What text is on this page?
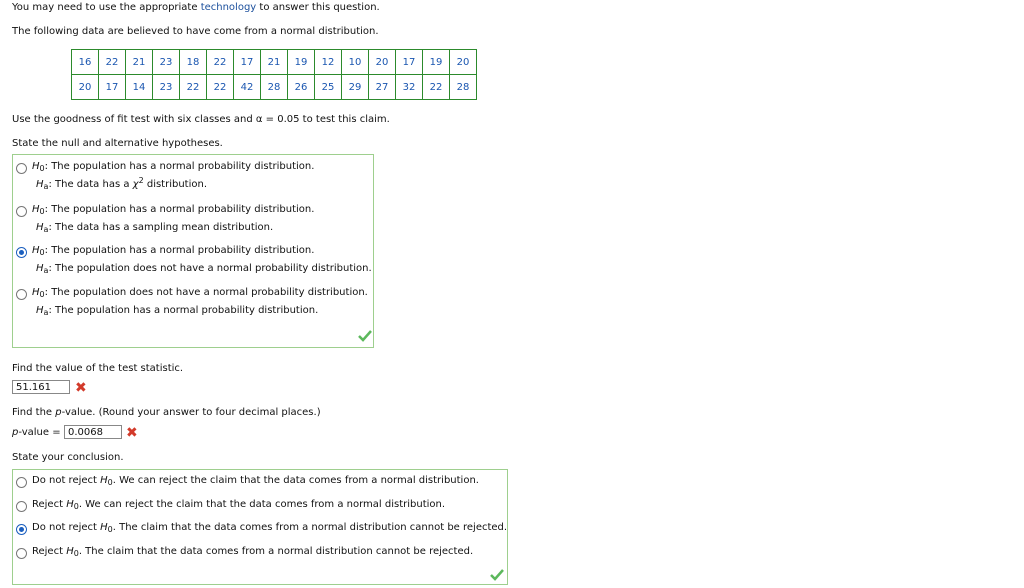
You may need to use the appropriate technology to answer this question.
The following data are believed to have come from a normal distribution.
16	22	21	23	18	22	17	21	19	12	10	20	17	19	20
20	17	14	23	22	22	42	28	26	25	29	27	32	22	28
Use the goodness of fit test with six classes and α = 0.05 to test this claim.
State the null and alternative hypotheses.
$H_0$: The population has a normal probability distribution.
$H_a$: The data has a $\chi^2$ distribution.
$H_0$: The population has a normal probability distribution.
$H_a$: The data has a sampling mean distribution.
$H_0$: The population has a normal probability distribution.
$H_a$: The population does not have a normal probability distribution.
$H_0$: The population does not have a normal probability distribution.
$H_a$: The population has a normal probability distribution.
Find the value of the test statistic.
51.161	✖
Find the p-value. (Round your answer to four decimal places.)
p-value = 0.0068	✖
State your conclusion.
Do not reject $H_0$. We can reject the claim that the data comes from a normal distribution.
Reject $H_0$. We can reject the claim that the data comes from a normal distribution.
Do not reject $H_0$. The claim that the data comes from a normal distribution cannot be rejected.
Reject $H_0$. The claim that the data comes from a normal distribution cannot be rejected.
